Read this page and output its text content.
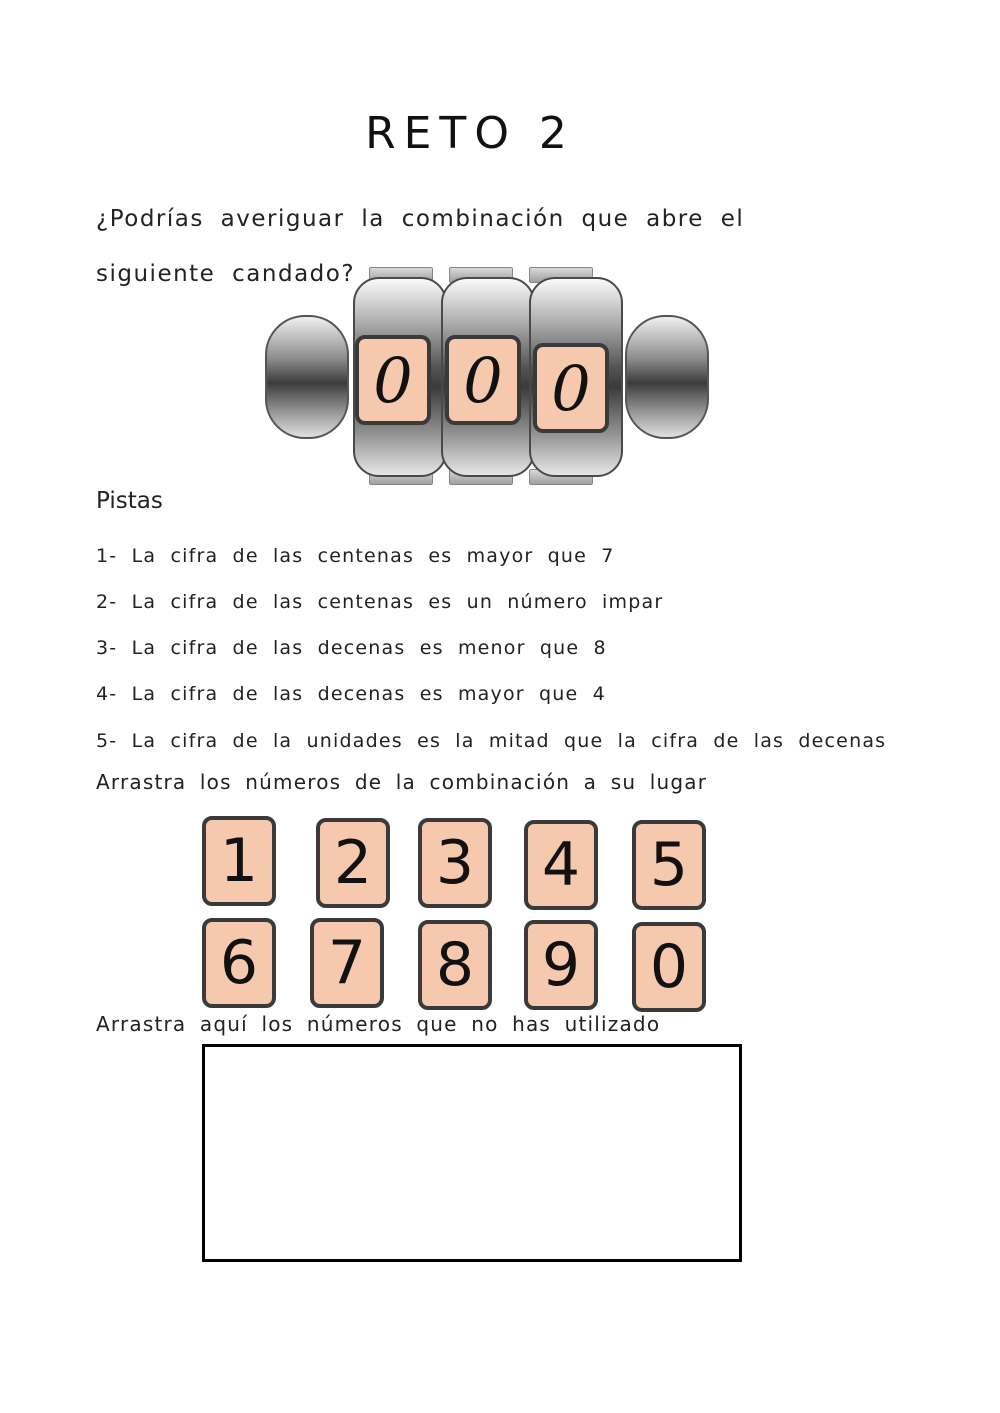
RETO 2
¿Podrías averiguar la combinación que abre el siguiente candado?
0 0 0
Pistas
1- La cifra de las centenas es mayor que 7
2- La cifra de las centenas es un número impar
3- La cifra de las decenas es menor que 8
4- La cifra de las decenas es mayor que 4
5- La cifra de la unidades es la mitad que la cifra de las decenas
Arrastra los números de la combinación a su lugar
1 2 3 4 5
6 7 8 9 0
Arrastra aquí los números que no has utilizado
